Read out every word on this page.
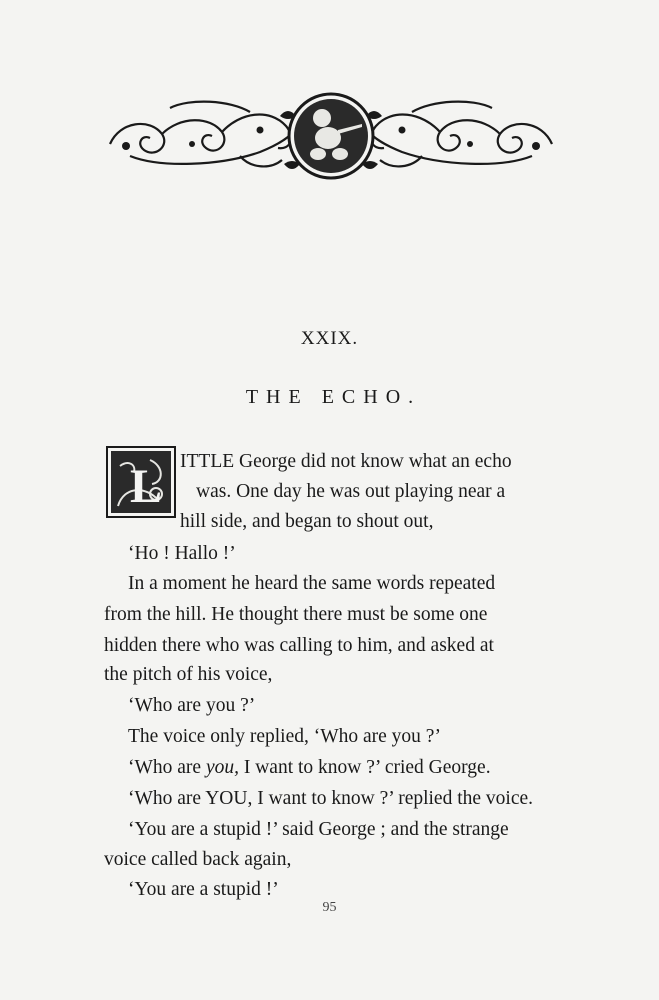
XXIX.
THE ECHO.
L ITTLE George did not know what an echo
was. One day he was out playing near a
hill side, and began to shout out,
‘Ho ! Hallo !’
In a moment he heard the same words repeated
from the hill. He thought there must be some one
hidden there who was calling to him, and asked at
the pitch of his voice,
‘Who are you ?’
The voice only replied, ‘Who are you ?’
‘Who are you, I want to know ?’ cried George.
‘Who are YOU, I want to know ?’ replied the voice.
‘You are a stupid !’ said George ; and the strange
voice called back again,
‘You are a stupid !’
95
